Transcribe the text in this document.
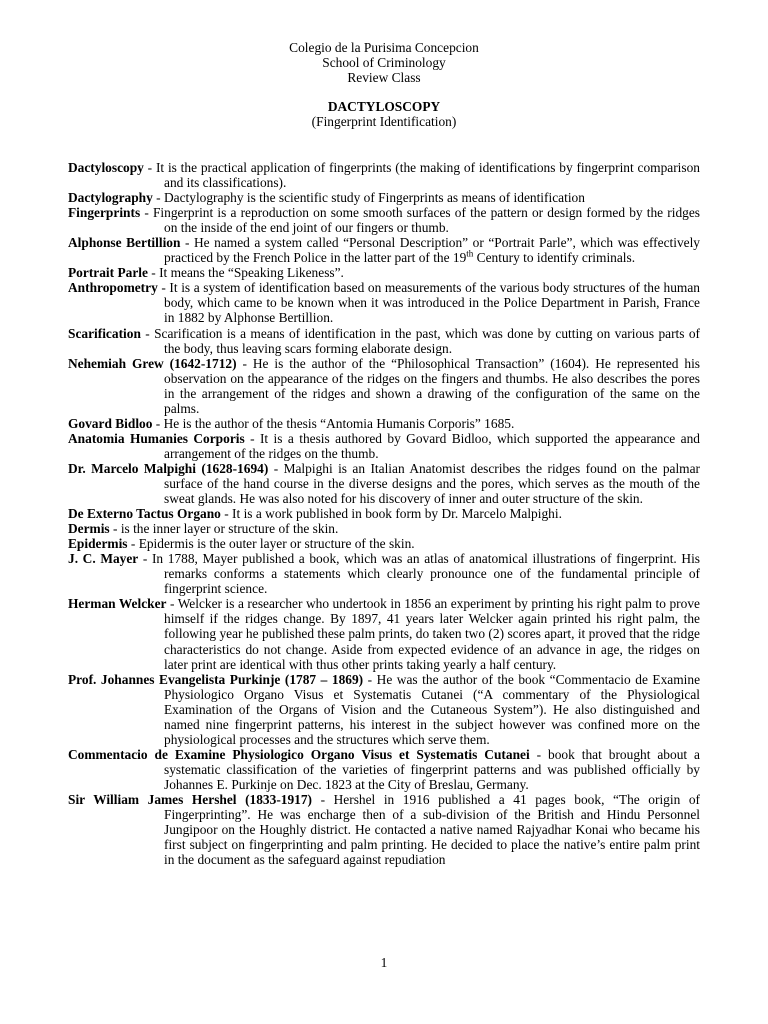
Colegio de la Purisima Concepcion
School of Criminology
Review Class
DACTYLOSCOPY
(Fingerprint Identification)
Dactyloscopy - It is the practical application of fingerprints (the making of identifications by fingerprint comparison and its classifications).
Dactylography - Dactylography is the scientific study of Fingerprints as means of identification
Fingerprints - Fingerprint is a reproduction on some smooth surfaces of the pattern or design formed by the ridges on the inside of the end joint of our fingers or thumb.
Alphonse Bertillion - He named a system called “Personal Description” or “Portrait Parle”, which was effectively practiced by the French Police in the latter part of the 19th Century to identify criminals.
Portrait Parle - It means the “Speaking Likeness”.
Anthropometry - It is a system of identification based on measurements of the various body structures of the human body, which came to be known when it was introduced in the Police Department in Parish, France in 1882 by Alphonse Bertillion.
Scarification - Scarification is a means of identification in the past, which was done by cutting on various parts of the body, thus leaving scars forming elaborate design.
Nehemiah Grew (1642-1712) - He is the author of the “Philosophical Transaction” (1604). He represented his observation on the appearance of the ridges on the fingers and thumbs. He also describes the pores in the arrangement of the ridges and shown a drawing of the configuration of the same on the palms.
Govard Bidloo - He is the author of the thesis “Antomia Humanis Corporis” 1685.
Anatomia Humanies Corporis - It is a thesis authored by Govard Bidloo, which supported the appearance and arrangement of the ridges on the thumb.
Dr. Marcelo Malpighi (1628-1694) - Malpighi is an Italian Anatomist describes the ridges found on the palmar surface of the hand course in the diverse designs and the pores, which serves as the mouth of the sweat glands. He was also noted for his discovery of inner and outer structure of the skin.
De Externo Tactus Organo - It is a work published in book form by Dr. Marcelo Malpighi.
Dermis - is the inner layer or structure of the skin.
Epidermis - Epidermis is the outer layer or structure of the skin.
J. C. Mayer - In 1788, Mayer published a book, which was an atlas of anatomical illustrations of fingerprint. His remarks conforms a statements which clearly pronounce one of the fundamental principle of fingerprint science.
Herman Welcker - Welcker is a researcher who undertook in 1856 an experiment by printing his right palm to prove himself if the ridges change. By 1897, 41 years later Welcker again printed his right palm, the following year he published these palm prints, do taken two (2) scores apart, it proved that the ridge characteristics do not change. Aside from expected evidence of an advance in age, the ridges on later print are identical with thus other prints taking yearly a half century.
Prof. Johannes Evangelista Purkinje (1787 – 1869) - He was the author of the book “Commentacio de Examine Physiologico Organo Visus et Systematis Cutanei (“A commentary of the Physiological Examination of the Organs of Vision and the Cutaneous System”). He also distinguished and named nine fingerprint patterns, his interest in the subject however was confined more on the physiological processes and the structures which serve them.
Commentacio de Examine Physiologico Organo Visus et Systematis Cutanei - book that brought about a systematic classification of the varieties of fingerprint patterns and was published officially by Johannes E. Purkinje on Dec. 1823 at the City of Breslau, Germany.
Sir William James Hershel (1833-1917) - Hershel in 1916 published a 41 pages book, “The origin of Fingerprinting”. He was encharge then of a sub-division of the British and Hindu Personnel Jungipoor on the Houghly district. He contacted a native named Rajyadhar Konai who became his first subject on fingerprinting and palm printing. He decided to place the native’s entire palm print in the document as the safeguard against repudiation
1
